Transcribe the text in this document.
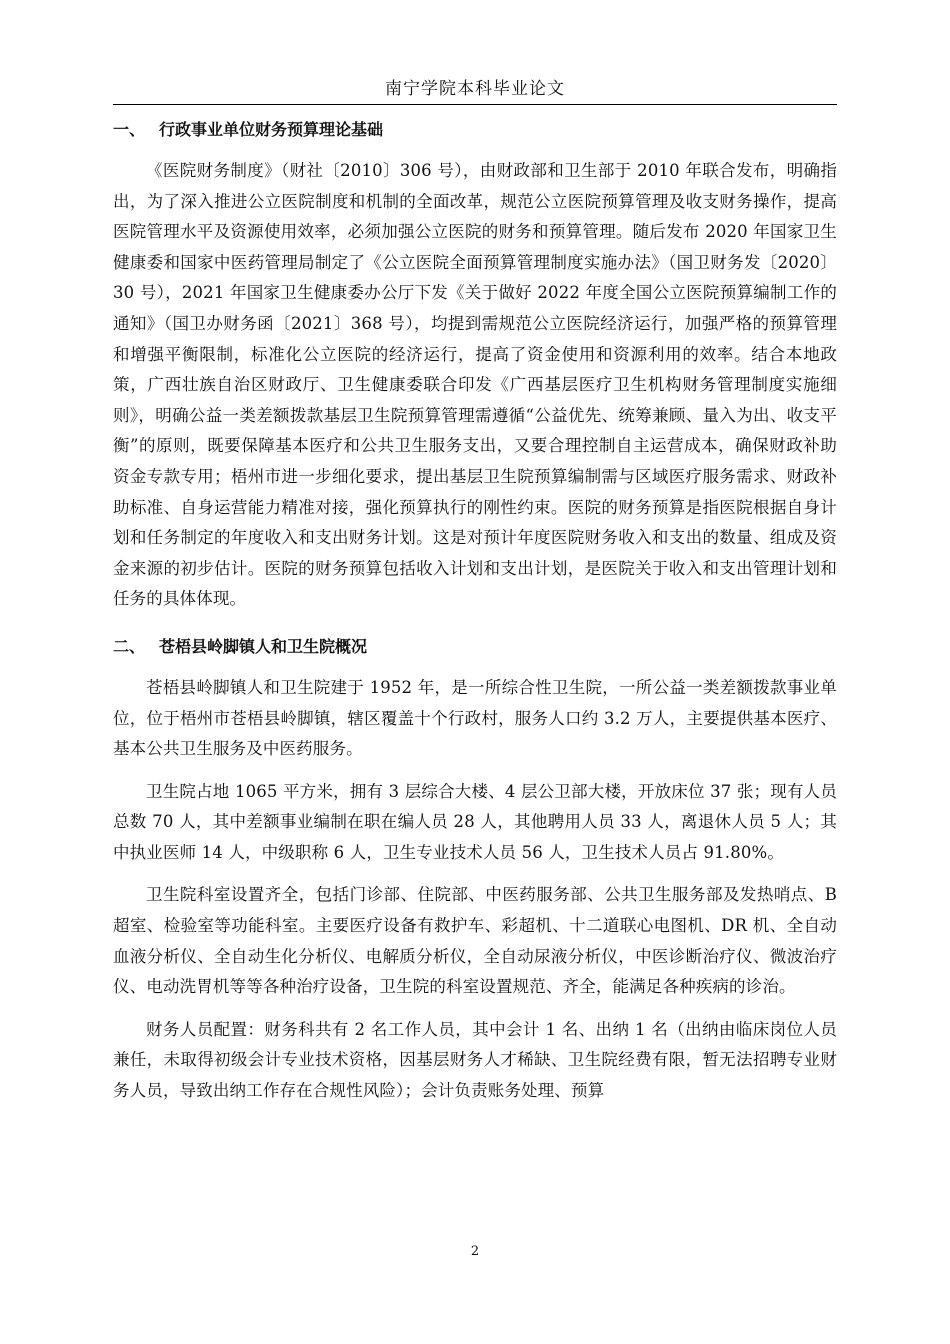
南宁学院本科毕业论文
一、 行政事业单位财务预算理论基础

《医院财务制度》（财社〔2010〕306 号），由财政部和卫生部于 2010 年联合发布，明确指出，为了深入推进公立医院制度和机制的全面改革，规范公立医院预算管理及收支财务操作，提高医院管理水平及资源使用效率，必须加强公立医院的财务和预算管理。随后发布 2020 年国家卫生健康委和国家中医药管理局制定了《公立医院全面预算管理制度实施办法》（国卫财务发〔2020〕30 号），2021 年国家卫生健康委办公厅下发《关于做好 2022 年度全国公立医院预算编制工作的通知》（国卫办财务函〔2021〕368 号），均提到需规范公立医院经济运行，加强严格的预算管理和增强平衡限制，标准化公立医院的经济运行，提高了资金使用和资源利用的效率。结合本地政策，广西壮族自治区财政厅、卫生健康委联合印发《广西基层医疗卫生机构财务管理制度实施细则》，明确公益一类差额拨款基层卫生院预算管理需遵循“公益优先、统筹兼顾、量入为出、收支平衡”的原则，既要保障基本医疗和公共卫生服务支出，又要合理控制自主运营成本，确保财政补助资金专款专用；梧州市进一步细化要求，提出基层卫生院预算编制需与区域医疗服务需求、财政补助标准、自身运营能力精准对接，强化预算执行的刚性约束。医院的财务预算是指医院根据自身计划和任务制定的年度收入和支出财务计划。这是对预计年度医院财务收入和支出的数量、组成及资金来源的初步估计。医院的财务预算包括收入计划和支出计划，是医院关于收入和支出管理计划和任务的具体体现。

二、 苍梧县岭脚镇人和卫生院概况

苍梧县岭脚镇人和卫生院建于 1952 年，是一所综合性卫生院，一所公益一类差额拨款事业单位，位于梧州市苍梧县岭脚镇，辖区覆盖十个行政村，服务人口约 3.2 万人，主要提供基本医疗、基本公共卫生服务及中医药服务。

卫生院占地 1065 平方米，拥有 3 层综合大楼、4 层公卫部大楼，开放床位 37 张；现有人员总数 70 人，其中差额事业编制在职在编人员 28 人，其他聘用人员 33 人，离退休人员 5 人；其中执业医师 14 人，中级职称 6 人，卫生专业技术人员 56 人，卫生技术人员占 91.80%。

卫生院科室设置齐全，包括门诊部、住院部、中医药服务部、公共卫生服务部及发热哨点、B 超室、检验室等功能科室。主要医疗设备有救护车、彩超机、十二道联心电图机、DR 机、全自动血液分析仪、全自动生化分析仪、电解质分析仪，全自动尿液分析仪，中医诊断治疗仪、微波治疗仪、电动洗胃机等等各种治疗设备，卫生院的科室设置规范、齐全，能满足各种疾病的诊治。

财务人员配置：财务科共有 2 名工作人员，其中会计 1 名、出纳 1 名（出纳由临床岗位人员兼任，未取得初级会计专业技术资格，因基层财务人才稀缺、卫生院经费有限，暂无法招聘专业财务人员，导致出纳工作存在合规性风险）；会计负责账务处理、预算

2
